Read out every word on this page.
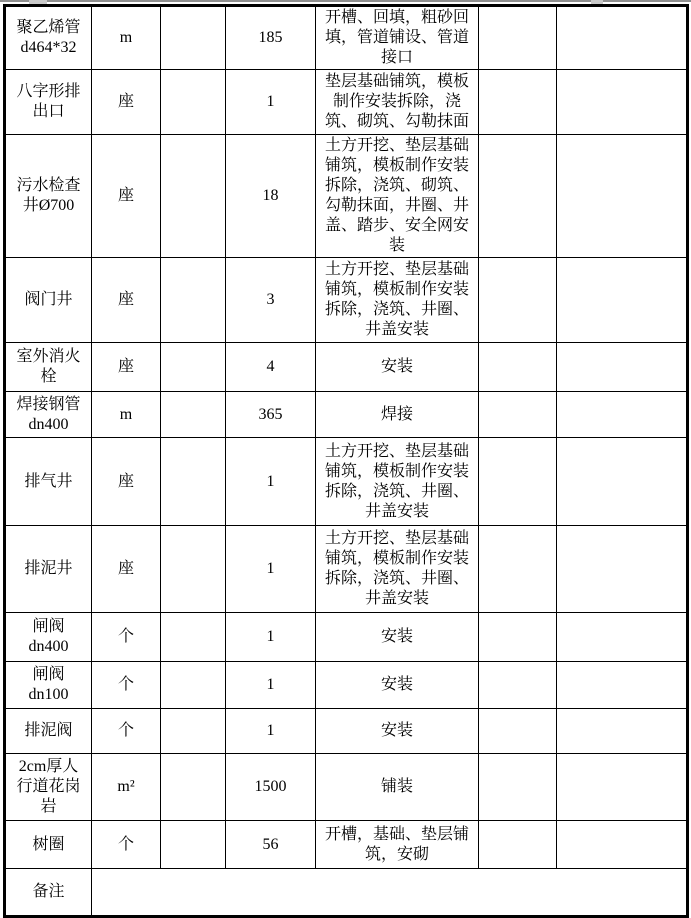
聚乙烯管d464*32	m		185	开槽、回填，粗砂回填，管道铺设、管道接口		
八字形排出口	座		1	垫层基础铺筑，模板制作安装拆除，浇筑、砌筑、勾勒抹面		
污水检查井Ø700	座		18	土方开挖、垫层基础铺筑，模板制作安装拆除，浇筑、砌筑、勾勒抹面，井圈、井盖、踏步、安全网安装		
阀门井	座		3	土方开挖、垫层基础铺筑，模板制作安装拆除，浇筑、井圈、井盖安装		
室外消火栓	座		4	安装		
焊接钢管dn400	m		365	焊接		
排气井	座		1	土方开挖、垫层基础铺筑，模板制作安装拆除，浇筑、井圈、井盖安装		
排泥井	座		1	土方开挖、垫层基础铺筑，模板制作安装拆除，浇筑、井圈、井盖安装		
闸阀dn400	个		1	安装		
闸阀dn100	个		1	安装		
排泥阀	个		1	安装		
2cm厚人行道花岗岩	m²		1500	铺装		
树圈	个		56	开槽，基础、垫层铺筑，安砌		
备注						
